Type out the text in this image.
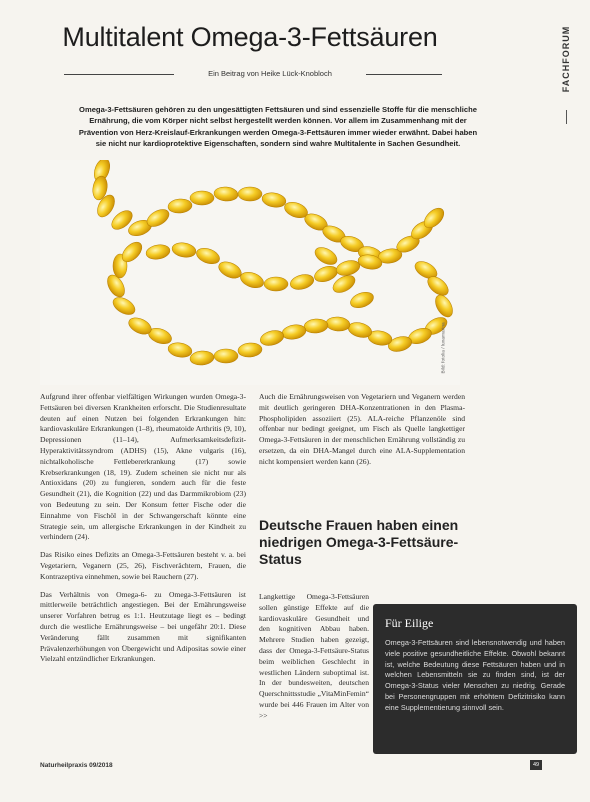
FACHFORUM
Multitalent Omega-3-Fettsäuren
Ein Beitrag von Heike Lück-Knobloch
Omega-3-Fettsäuren gehören zu den ungesättigten Fettsäuren und sind essenzielle Stoffe für die menschliche Ernährung, die vom Körper nicht selbst hergestellt werden können. Vor allem im Zusammenhang mit der Prävention von Herz-Kreislauf-Erkrankungen werden Omega-3-Fettsäuren immer wieder erwähnt. Dabei haben sie nicht nur kardioprotektive Eigenschaften, sondern sind wahre Multitalente in Sachen Gesundheit.
Bild: fotolia / lunamarina

Aufgrund ihrer offenbar vielfältigen Wirkungen wurden Omega-3-Fettsäuren bei diversen Krankheiten erforscht. Die Studienresultate deuten auf einen Nutzen bei folgenden Erkrankungen hin: kardiovaskuläre Erkrankungen (1–8), rheumatoide Arthritis (9, 10), Depressionen (11–14), Aufmerksamkeitsdefizit-Hyperaktivitätssyndrom (ADHS) (15), Akne vulgaris (16), nichtalkoholische Fettlebererkrankung (17) sowie Krebserkrankungen (18, 19). Zudem scheinen sie nicht nur als Antioxidans (20) zu fungieren, sondern auch für die feste Gesundheit (21), die Kognition (22) und das Darmmikrobiom (23) von Bedeutung zu sein. Der Konsum fetter Fische oder die Einnahme von Fischöl in der Schwangerschaft könnte eine Strategie sein, um allergische Erkrankungen in der Kindheit zu verhindern (24).

Das Risiko eines Defizits an Omega-3-Fettsäuren besteht v. a. bei Vegetariern, Veganern (25, 26), Fischverächtern, Frauen, die Kontrazeptiva einnehmen, sowie bei Rauchern (27).

Das Verhältnis von Omega-6- zu Omega-3-Fettsäuren ist mittlerweile beträchtlich angestiegen. Bei der Ernährungsweise unserer Vorfahren betrug es 1:1. Heutzutage liegt es – bedingt durch die westliche Ernährungsweise – bei ungefähr 20:1. Diese Veränderung fällt zusammen mit signifikanten Prävalenzerhöhungen von Übergewicht und Adipositas sowie einer Vielzahl entzündlicher Erkrankungen.

Auch die Ernährungsweisen von Vegetariern und Veganern werden mit deutlich geringeren DHA-Konzentrationen in den Plasma-Phospholipiden assoziiert (25). ALA-reiche Pflanzenöle sind offenbar nur bedingt geeignet, um Fisch als Quelle langkettiger Omega-3-Fettsäuren in der menschlichen Ernährung vollständig zu ersetzen, da ein DHA-Mangel durch eine ALA-Supplementation nicht kompensiert werden kann (26).

Deutsche Frauen haben einen niedrigen Omega-3-Fettsäure-Status

Langkettige Omega-3-Fettsäuren sollen günstige Effekte auf die kardiovaskuläre Gesundheit und den kognitiven Abbau haben. Mehrere Studien haben gezeigt, dass der Omega-3-Fettsäure-Status beim weiblichen Geschlecht in westlichen Ländern suboptimal ist. In der bundesweiten, deutschen Querschnittsstudie „VitaMinFemin“ wurde bei 446 Frauen im Alter von >>

Für Eilige
Omega-3-Fettsäuren sind lebensnotwendig und haben viele positive gesundheitliche Effekte. Obwohl bekannt ist, welche Bedeutung diese Fettsäuren haben und in welchen Lebensmitteln sie zu finden sind, ist der Omega-3-Status vieler Menschen zu niedrig. Gerade bei Personengruppen mit erhöhtem Defizitrisiko kann eine Supplementierung sinnvoll sein.
Naturheilpraxis 09/2018	49
